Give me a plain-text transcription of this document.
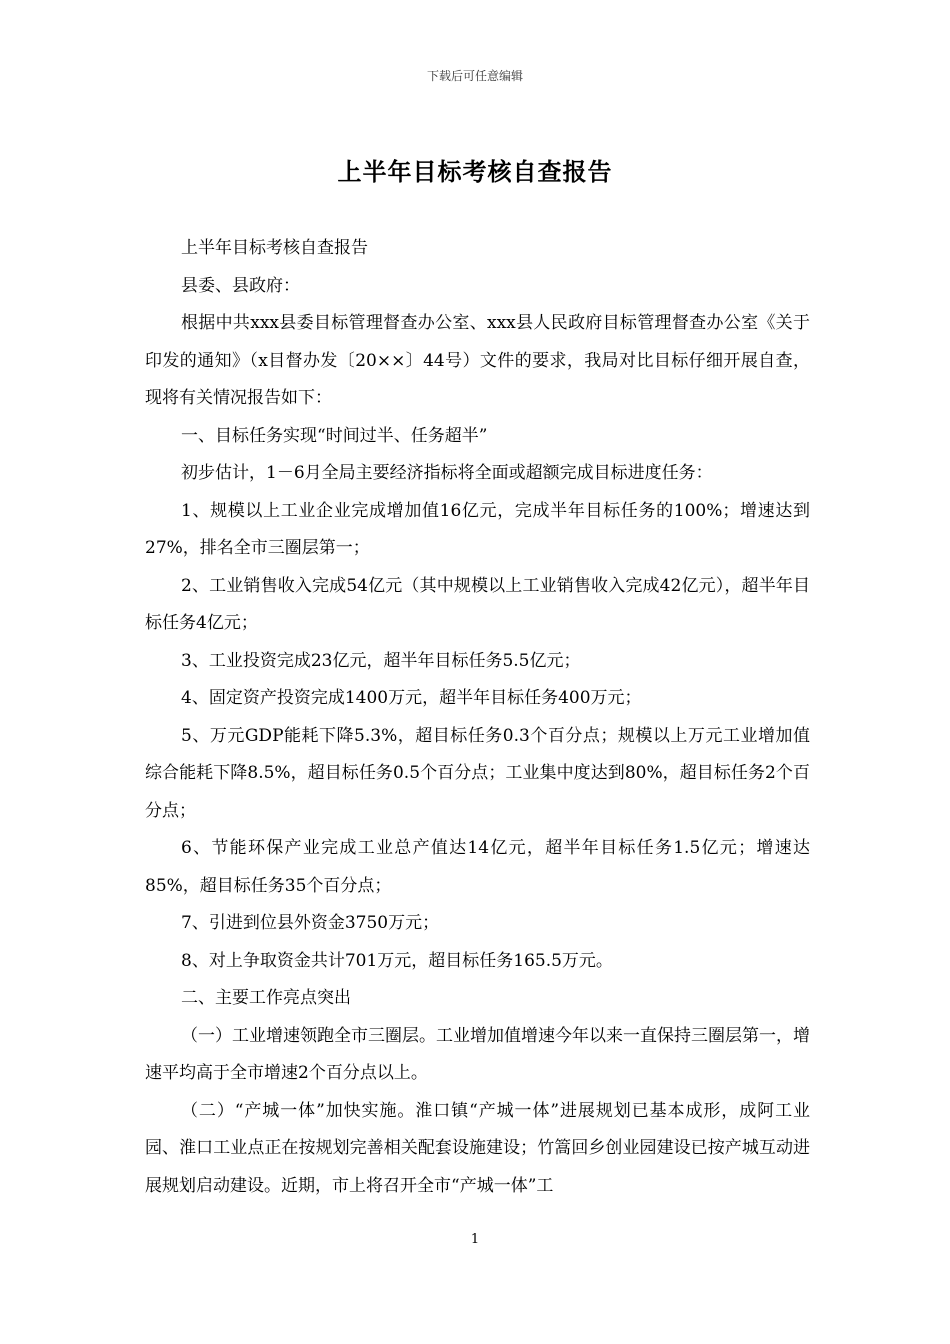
下载后可任意编辑
上半年目标考核自查报告

上半年目标考核自查报告

县委、县政府：

根据中共xxx县委目标管理督查办公室、xxx县人民政府目标管理督查办公室《关于印发的通知》（x目督办发〔20××〕44号）文件的要求，我局对比目标仔细开展自查，现将有关情况报告如下：

一、目标任务实现“时间过半、任务超半”

初步估计，1－6月全局主要经济指标将全面或超额完成目标进度任务：

1、规模以上工业企业完成增加值16亿元，完成半年目标任务的100%；增速达到27%，排名全市三圈层第一；

2、工业销售收入完成54亿元（其中规模以上工业销售收入完成42亿元），超半年目标任务4亿元；

3、工业投资完成23亿元，超半年目标任务5.5亿元；

4、固定资产投资完成1400万元，超半年目标任务400万元；

5、万元GDP能耗下降5.3%，超目标任务0.3个百分点；规模以上万元工业增加值综合能耗下降8.5%，超目标任务0.5个百分点；工业集中度达到80%，超目标任务2个百分点；

6、节能环保产业完成工业总产值达14亿元，超半年目标任务1.5亿元；增速达85%，超目标任务35个百分点；

7、引进到位县外资金3750万元；

8、对上争取资金共计701万元，超目标任务165.5万元。

二、主要工作亮点突出

（一）工业增速领跑全市三圈层。工业增加值增速今年以来一直保持三圈层第一，增速平均高于全市增速2个百分点以上。

（二）“产城一体”加快实施。淮口镇“产城一体”进展规划已基本成形，成阿工业园、淮口工业点正在按规划完善相关配套设施建设；竹篙回乡创业园建设已按产城互动进展规划启动建设。近期，市上将召开全市“产城一体”工

1
